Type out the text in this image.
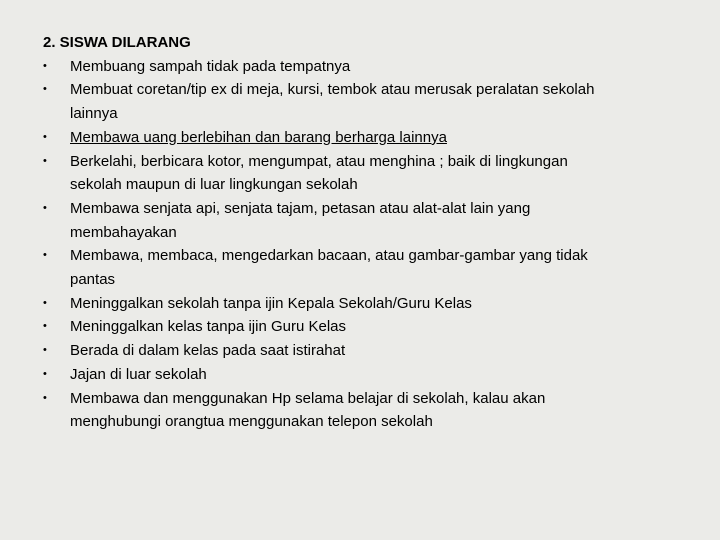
2. SISWA DILARANG
• Membuang sampah tidak pada tempatnya
• Membuat coretan/tip ex di meja, kursi, tembok atau merusak peralatan sekolah
lainnya
• Membawa uang berlebihan dan barang berharga lainnya
• Berkelahi, berbicara kotor, mengumpat, atau menghina ; baik di lingkungan
sekolah maupun di luar lingkungan sekolah
• Membawa senjata api, senjata tajam, petasan atau alat-alat lain yang
membahayakan
• Membawa, membaca, mengedarkan bacaan, atau gambar-gambar yang tidak
pantas
• Meninggalkan sekolah tanpa ijin Kepala Sekolah/Guru Kelas
• Meninggalkan kelas tanpa ijin Guru Kelas
• Berada di dalam kelas pada saat istirahat
• Jajan di luar sekolah
• Membawa dan menggunakan Hp selama belajar di sekolah, kalau akan
menghubungi orangtua menggunakan telepon sekolah
